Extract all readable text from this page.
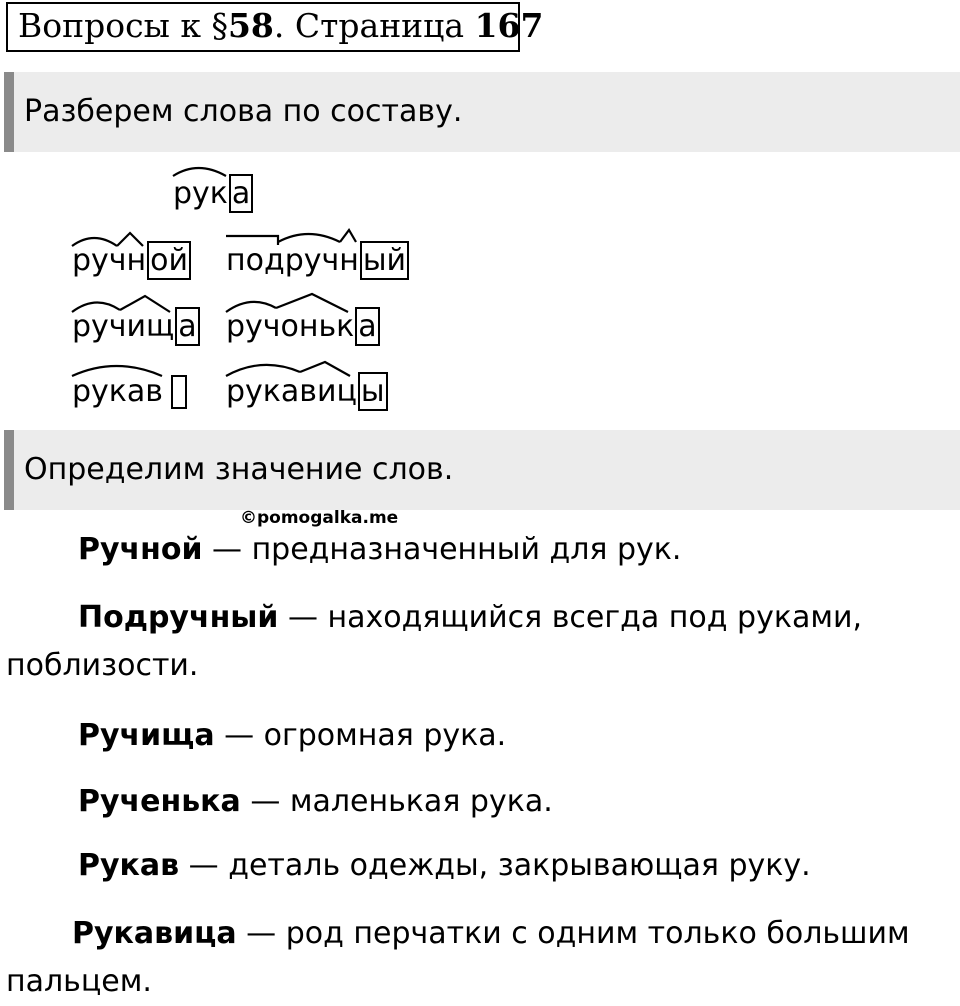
Вопросы к §58. Страница 167
Разберем слова по составу.
рук а
ручн ой подручн ый
ручищ а ручоньк а
рукав рукавиц ы
Определим значение слов.
©pomogalka.me
Ручной — предназначенный для рук.
Подручный — находящийся всегда под руками, поблизости.
Ручища — огромная рука.
Рученька — маленькая рука.
Рукав — деталь одежды, закрывающая руку.
Рукавица — род перчатки с одним только большим пальцем.
